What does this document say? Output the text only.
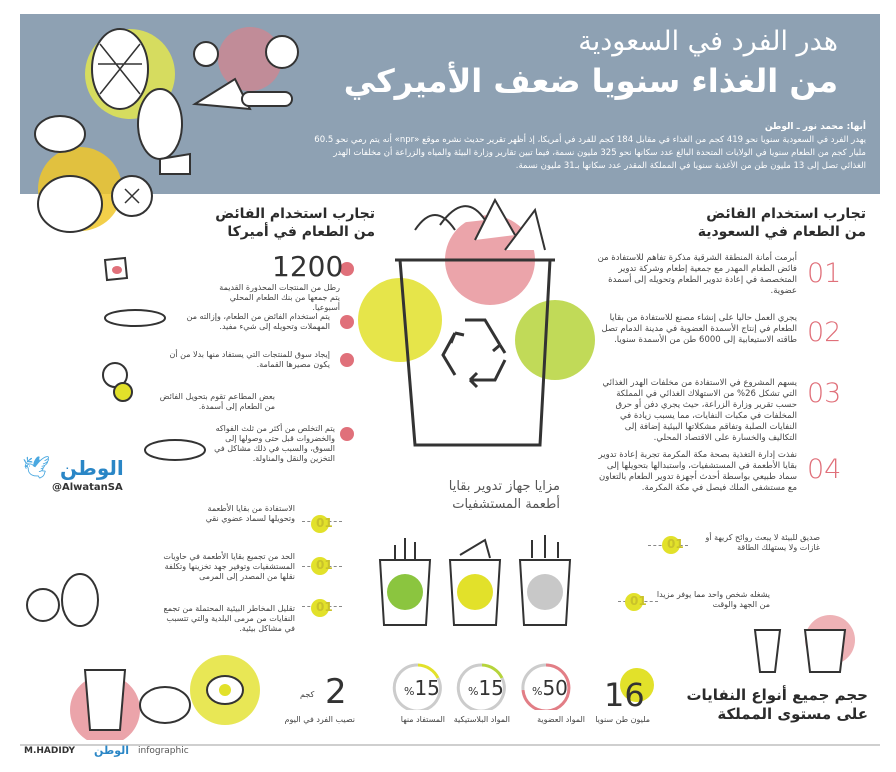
هدر الفرد في السعودية
من الغذاء سنويا ضعف الأميركي
أبها: محمد نور ـ الوطن
يهدر الفرد في السعودية سنويا نحو 419 كجم من الغذاء في مقابل 184 كجم للفرد في أمريكا، إذ أظهر تقرير حديث نشره موقع «npr» أنه يتم رمي نحو 60.5 مليار كجم من الطعام سنويا في الولايات المتحدة البالغ عدد سكانها نحو 325 مليون نسمة، فيما تبين تقارير وزارة البيئة والمياه والزراعة أن مخلفات الهدر الغذائي تصل إلى 13 مليون طن من الأغذية سنويا في المملكة المقدر عدد سكانها بـ31 مليون نسمة.
تجارب استخدام الفائض
من الطعام في السعودية
01
أبرمت أمانة المنطقة الشرقية مذكرة تفاهم للاستفادة من فائض الطعام المهدر مع جمعية إطعام وشركة تدوير المتخصصة في إعادة تدوير الطعام وتحويله إلى أسمدة عضوية.
02
يجري العمل حاليا على إنشاء مصنع للاستفادة من بقايا الطعام في إنتاج الأسمدة العضوية في مدينة الدمام تصل طاقته الاستيعابية إلى 6000 طن من الأسمدة سنويا.
03
يسهم المشروع في الاستفادة من مخلفات الهدر الغذائي التي تشكل 26% من الاستهلاك الغذائي في المملكة حسب تقرير وزارة الزراعة، حيث يجري دفن أو حرق المخلفات في مكبات النفايات، مما يسبب زيادة في النفايات الصلبة وتفاقم مشكلاتها البيئية إضافة إلى التكاليف والخسارة على الاقتصاد المحلي.
04
نفذت إدارة التغذية بصحة مكة المكرمة تجربة إعادة تدوير بقايا الأطعمة في المستشفيات، واستبدالها بتحويلها إلى سماد طبيعي بواسطة أحدث أجهزة تدوير الطعام بالتعاون مع مستشفى الملك فيصل في مكة المكرمة.
تجارب استخدام الفائض
من الطعام في أميركا
1200
رطل من المنتجات المحذورة القديمة يتم جمعها من بنك الطعام المحلي أسبوعيا.
يتم استخدام الفائض من الطعام، وإزالته من المهملات وتحويله إلى شيء مفيد.
إيجاد سوق للمنتجات التي يستفاد منها بدلا من أن يكون مصيرها القمامة.
بعض المطاعم تقوم بتحويل الفائض من الطعام إلى أسمدة.
يتم التخلص من أكثر من ثلث الفواكه والخضروات قبل حتى وصولها إلى السوق، والسبب في ذلك مشاكل في التخزين والنقل والمناولة.
🕊 الوطن
@AlwatanSA	مزايا جهاز تدوير بقايا
أطعمة المستشفيات
01
الاستفادة من بقايا الأطعمة وتحويلها لسماد عضوي نقي
01
الحد من تجميع بقايا الأطعمة في حاويات المستشفيات وتوفير جهد تخزينها وتكلفة نقلها من المصدر إلى المرمى
01
تقليل المخاطر البيئية المحتملة من تجمع النفايات من مرمى البلدية والتي تتسبب في مشاكل بيئية.
01	صديق للبيئة لا يبعث روائح كريهة أو غازات ولا يستهلك الطاقة
01	يشغله شخص واحد مما يوفر مزيدا من الجهد والوقت
حجم جميع أنواع النفايات
على مستوى المملكة
16
مليون طن سنويا
%50
المواد العضوية
%15
المواد البلاستيكية
%15
المستفاد منها
2
كجم
نصيب الفرد في اليوم
M.HADIDY الوطن infographic
